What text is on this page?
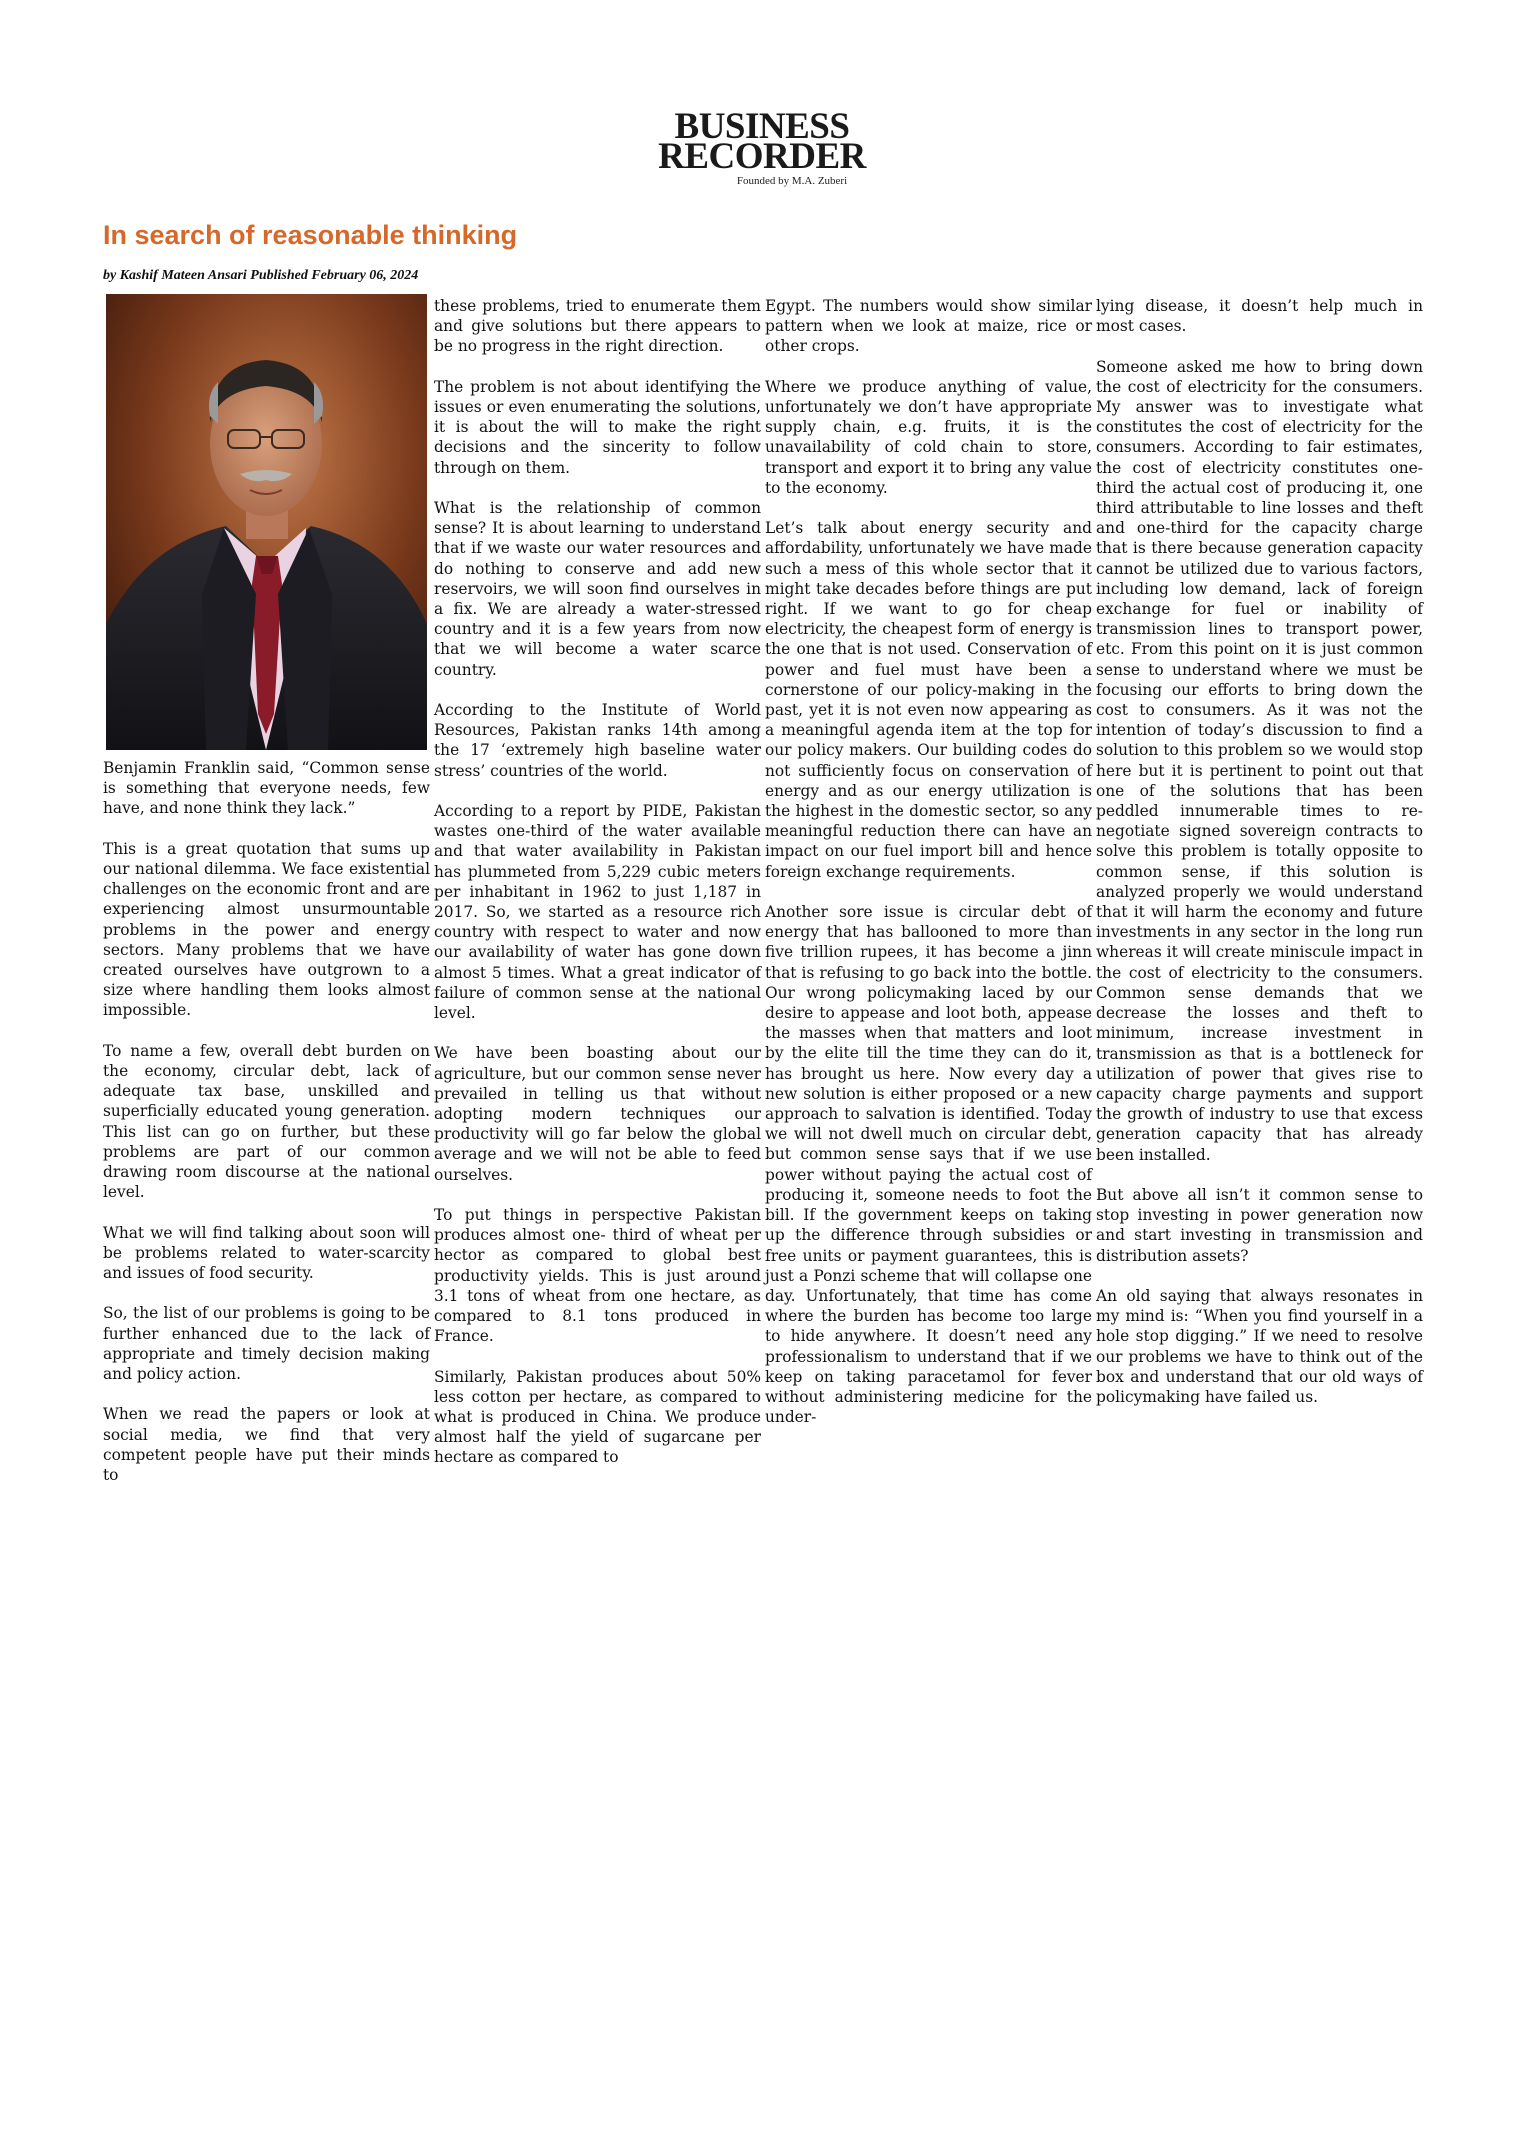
BUSINESS
RECORDER
Founded by M.A. Zuberi
In search of reasonable thinking
by Kashif Mateen Ansari Published February 06, 2024

Benjamin Franklin said, “Common sense is something that everyone needs, few have, and none think they lack.”

This is a great quotation that sums up our national dilemma. We face existential challenges on the economic front and are experiencing almost unsurmountable problems in the power and energy sectors. Many problems that we have created ourselves have outgrown to a size where handling them looks almost impossible.

To name a few, overall debt burden on the economy, circular debt, lack of adequate tax base, unskilled and superficially educated young generation. This list can go on further, but these problems are part of our common drawing room discourse at the national level.

What we will find talking about soon will be problems related to water-scarcity and issues of food security.

So, the list of our problems is going to be further enhanced due to the lack of appropriate and timely decision making and policy action.

When we read the papers or look at social media, we find that very competent people have put their minds to

these problems, tried to enumerate them and give solutions but there appears to be no progress in the right direction.

The problem is not about identifying the issues or even enumerating the solutions, it is about the will to make the right decisions and the sincerity to follow through on them.

What is the relationship of common sense? It is about learning to understand that if we waste our water resources and do nothing to conserve and add new reservoirs, we will soon find ourselves in a fix. We are already a water-stressed country and it is a few years from now that we will become a water scarce country.

According to the Institute of World Resources, Pakistan ranks 14th among the 17 ‘extremely high baseline water stress’ countries of the world.

According to a report by PIDE, Pakistan wastes one-third of the water available and that water availability in Pakistan has plummeted from 5,229 cubic meters per inhabitant in 1962 to just 1,187 in 2017. So, we started as a resource rich country with respect to water and now our availability of water has gone down almost 5 times. What a great indicator of failure of common sense at the national level.

We have been boasting about our agriculture, but our common sense never prevailed in telling us that without adopting modern techniques our productivity will go far below the global average and we will not be able to feed ourselves.

To put things in perspective Pakistan produces almost one- third of wheat per hector as compared to global best productivity yields. This is just around 3.1 tons of wheat from one hectare, as compared to 8.1 tons produced in France.

Similarly, Pakistan produces about 50% less cotton per hectare, as compared to what is produced in China. We produce almost half the yield of sugarcane per hectare as compared to

Egypt. The numbers would show similar pattern when we look at maize, rice or other crops.

Where we produce anything of value, unfortunately we don’t have appropriate supply chain, e.g. fruits, it is the unavailability of cold chain to store, transport and export it to bring any value to the economy.

Let’s talk about energy security and affordability, unfortunately we have made such a mess of this whole sector that it might take decades before things are put right. If we want to go for cheap electricity, the cheapest form of energy is the one that is not used. Conservation of power and fuel must have been a cornerstone of our policy-making in the past, yet it is not even now appearing as a meaningful agenda item at the top for our policy makers. Our building codes do not sufficiently focus on conservation of energy and as our energy utilization is the highest in the domestic sector, so any meaningful reduction there can have an impact on our fuel import bill and hence foreign exchange requirements.

Another sore issue is circular debt of energy that has ballooned to more than five trillion rupees, it has become a jinn that is refusing to go back into the bottle. Our wrong policymaking laced by our desire to appease and loot both, appease the masses when that matters and loot by the elite till the time they can do it, has brought us here. Now every day a new solution is either proposed or a new approach to salvation is identified. Today we will not dwell much on circular debt, but common sense says that if we use power without paying the actual cost of producing it, someone needs to foot the bill. If the government keeps on taking up the difference through subsidies or free units or payment guarantees, this is just a Ponzi scheme that will collapse one day. Unfortunately, that time has come where the burden has become too large to hide anywhere. It doesn’t need any professionalism to understand that if we keep on taking paracetamol for fever without administering medicine for the under-

lying disease, it doesn’t help much in most cases.

Someone asked me how to bring down the cost of electricity for the consumers. My answer was to investigate what constitutes the cost of electricity for the consumers. According to fair estimates, the cost of electricity constitutes one-third the actual cost of producing it, one third attributable to line losses and theft and one-third for the capacity charge that is there because generation capacity cannot be utilized due to various factors, including low demand, lack of foreign exchange for fuel or inability of transmission lines to transport power, etc. From this point on it is just common sense to understand where we must be focusing our efforts to bring down the cost to consumers. As it was not the intention of today’s discussion to find a solution to this problem so we would stop here but it is pertinent to point out that one of the solutions that has been peddled innumerable times to re-negotiate signed sovereign contracts to solve this problem is totally opposite to common sense, if this solution is analyzed properly we would understand that it will harm the economy and future investments in any sector in the long run whereas it will create miniscule impact in the cost of electricity to the consumers. Common sense demands that we decrease the losses and theft to minimum, increase investment in transmission as that is a bottleneck for utilization of power that gives rise to capacity charge payments and support the growth of industry to use that excess generation capacity that has already been installed.

But above all isn’t it common sense to stop investing in power generation now and start investing in transmission and distribution assets?

An old saying that always resonates in my mind is: “When you find yourself in a hole stop digging.” If we need to resolve our problems we have to think out of the box and understand that our old ways of policymaking have failed us.
